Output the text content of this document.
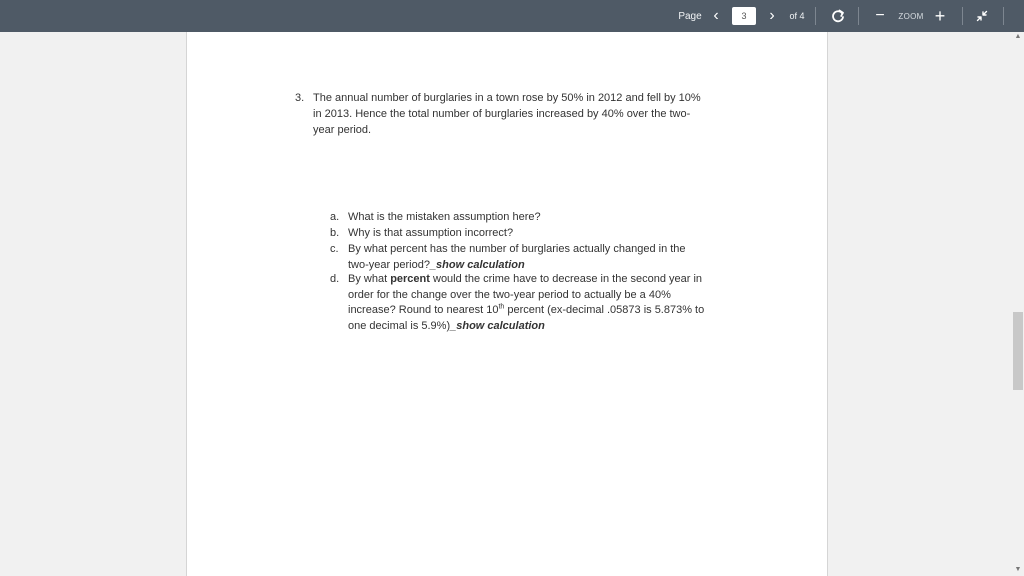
Page ‹
3	›	of 4	−	ZOOM +
3. The annual number of burglaries in a town rose by 50% in 2012 and fell by 10%
in 2013. Hence the total number of burglaries increased by 40% over the two-
year period.
a. What is the mistaken assumption here?
b. Why is that assumption incorrect?
c. By what percent has the number of burglaries actually changed in the
two-year period?_show calculation
d. By what percent would the crime have to decrease in the second year in
order for the change over the two-year period to actually be a 40%
increase? Round to nearest 10th percent (ex-decimal .05873 is 5.873% to
one decimal is 5.9%)_show calculation
▲
▼
